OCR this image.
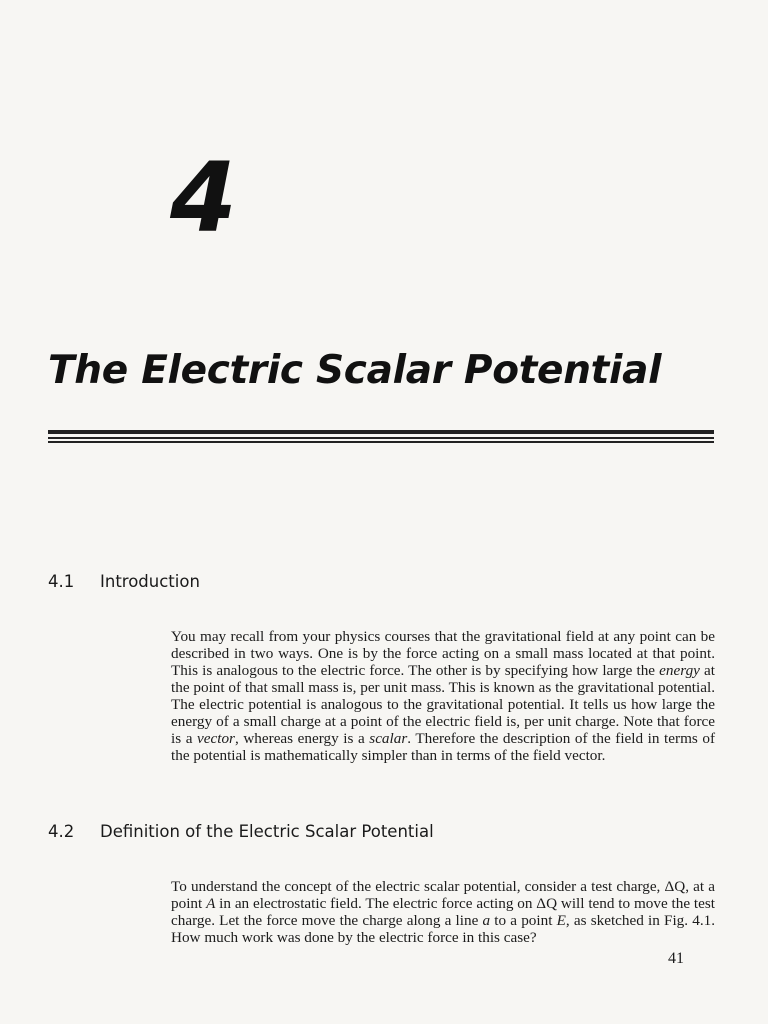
4
The Electric Scalar Potential
4.1	Introduction

You may recall from your physics courses that the gravitational field at any point can be described in two ways. One is by the force acting on a small mass located at that point. This is analogous to the electric force. The other is by specifying how large the energy at the point of that small mass is, per unit mass. This is known as the gravitational potential. The electric potential is analogous to the gravitational potential. It tells us how large the energy of a small charge at a point of the electric field is, per unit charge. Note that force is a vector, whereas energy is a scalar. Therefore the description of the field in terms of the potential is mathematically simpler than in terms of the field vector.

4.2	Definition of the Electric Scalar Potential

To understand the concept of the electric scalar potential, consider a test charge, ΔQ, at a point A in an electrostatic field. The electric force acting on ΔQ will tend to move the test charge. Let the force move the charge along a line a to a point E, as sketched in Fig. 4.1. How much work was done by the electric force in this case?

41
